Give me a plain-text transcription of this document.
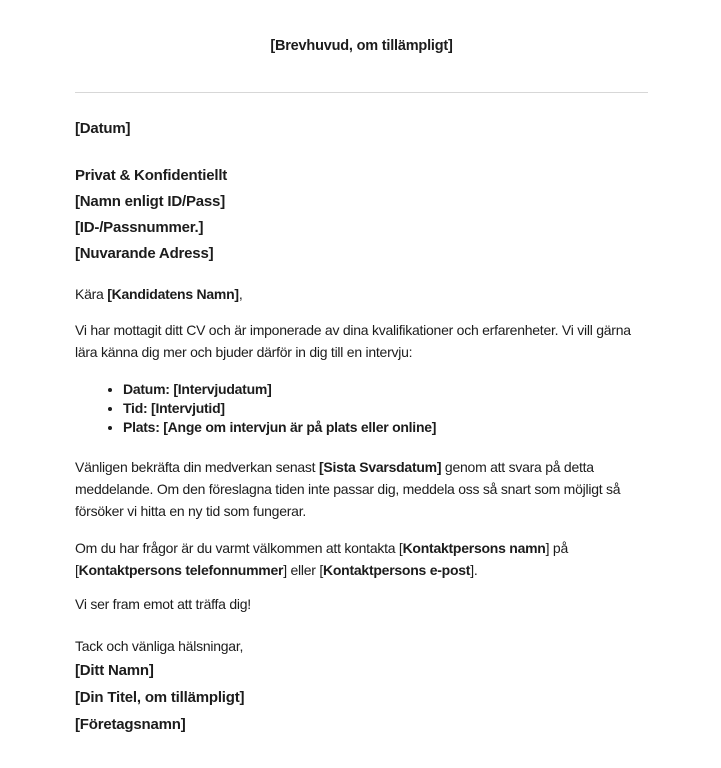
[Brevhuvud, om tillämpligt]

[Datum]

Privat & Konfidentiellt

[Namn enligt ID/Pass]

[ID-/Passnummer.]

[Nuvarande Adress]

Kära [Kandidatens Namn],

Vi har mottagit ditt CV och är imponerade av dina kvalifikationer och erfarenheter. Vi vill gärna lära känna dig mer och bjuder därför in dig till en intervju:

• Datum: [Intervjudatum]
• Tid: [Intervjutid]
• Plats: [Ange om intervjun är på plats eller online]

Vänligen bekräfta din medverkan senast [Sista Svarsdatum] genom att svara på detta meddelande. Om den föreslagna tiden inte passar dig, meddela oss så snart som möjligt så försöker vi hitta en ny tid som fungerar.

Om du har frågor är du varmt välkommen att kontakta [Kontaktpersons namn] på [Kontaktpersons telefonnummer] eller [Kontaktpersons e-post].

Vi ser fram emot att träffa dig!

Tack och vänliga hälsningar,

[Ditt Namn]

[Din Titel, om tillämpligt]

[Företagsnamn]
